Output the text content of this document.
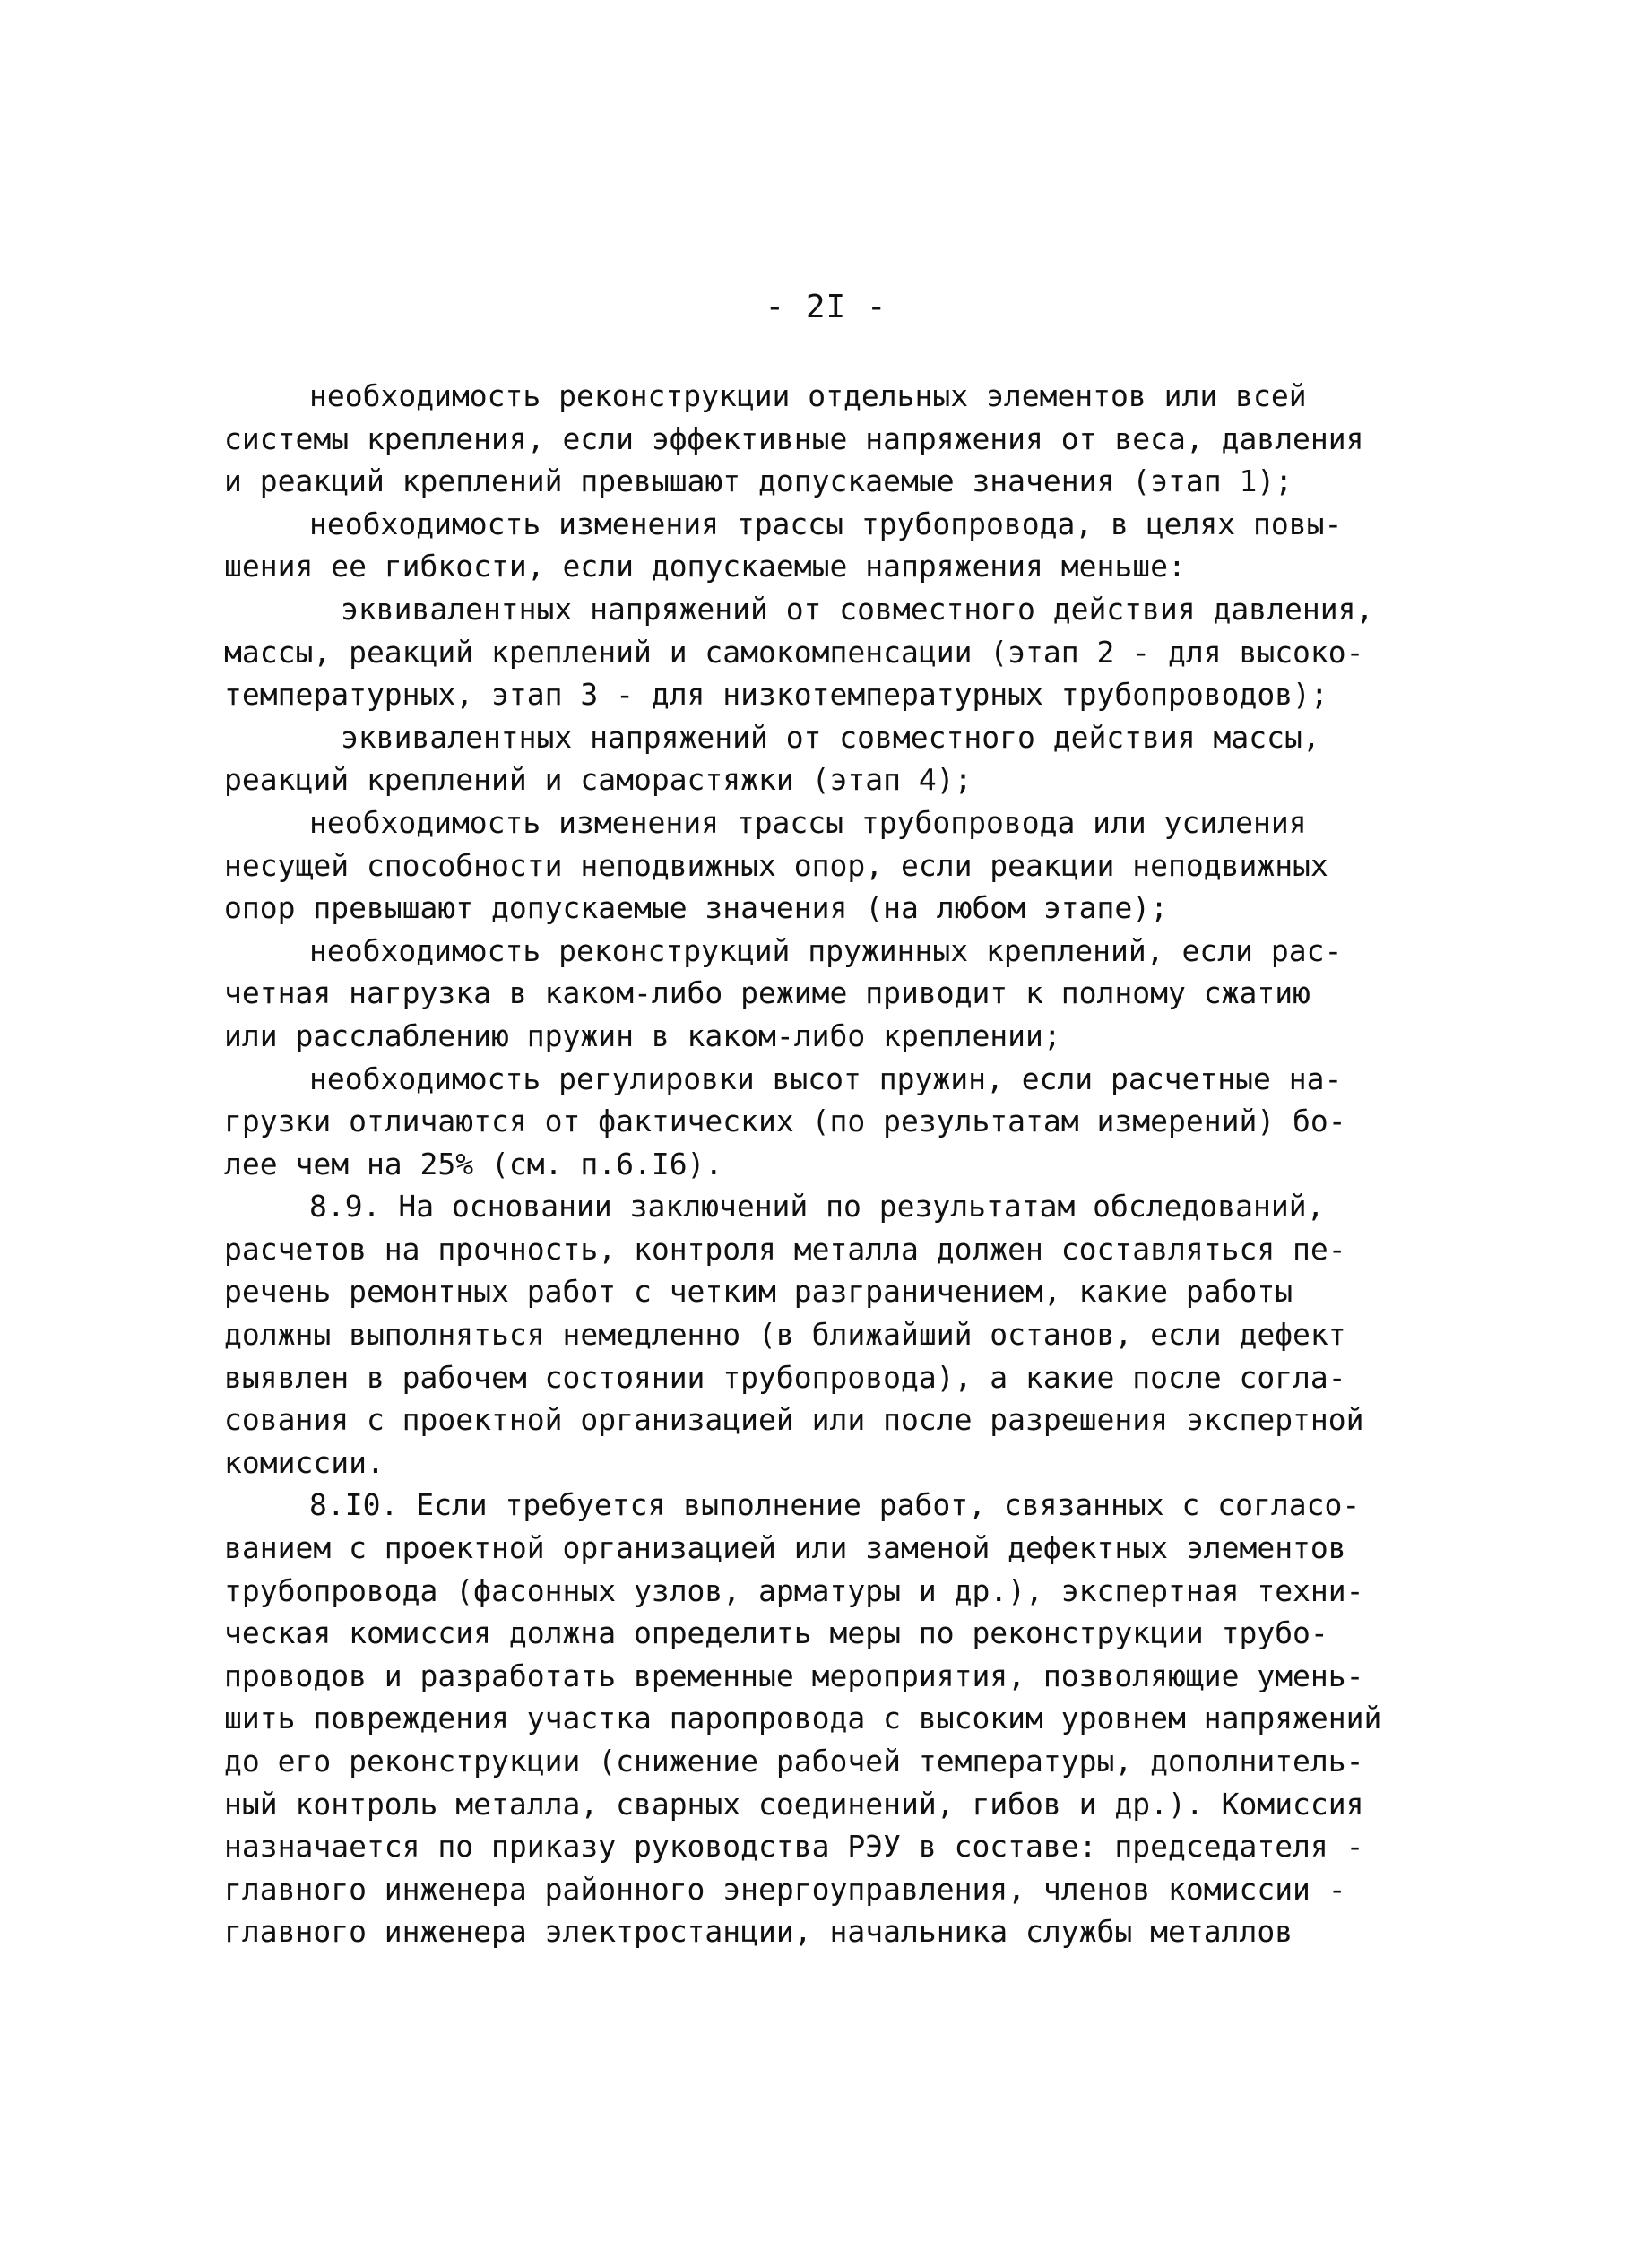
- 2I -
необходимость реконструкции отдельных элементов или всей
системы крепления, если эффективные напряжения от веса, давления
и реакций креплений превышают допускаемые значения (этап 1);
необходимость изменения трассы трубопровода, в целях повы-
шения ее гибкости, если допускаемые напряжения меньше:
эквивалентных напряжений от совместного действия давления,
массы, реакций креплений и самокомпенсации (этап 2 - для высоко-
температурных, этап 3 - для низкотемпературных трубопроводов);
эквивалентных напряжений от совместного действия массы,
реакций креплений и саморастяжки (этап 4);
необходимость изменения трассы трубопровода или усиления
несущей способности неподвижных опор, если реакции неподвижных
опор превышают допускаемые значения (на любом этапе);
необходимость реконструкций пружинных креплений, если рас-
четная нагрузка в каком-либо режиме приводит к полному сжатию
или расслаблению пружин в каком-либо креплении;
необходимость регулировки высот пружин, если расчетные на-
грузки отличаются от фактических (по результатам измерений) бо-
лее чем на 25% (см. п.6.I6).
8.9. На основании заключений по результатам обследований,
расчетов на прочность, контроля металла должен составляться пе-
речень ремонтных работ с четким разграничением, какие работы
должны выполняться немедленно (в ближайший останов, если дефект
выявлен в рабочем состоянии трубопровода), а какие после согла-
сования с проектной организацией или после разрешения экспертной
комиссии.
8.I0. Если требуется выполнение работ, связанных с согласо-
ванием с проектной организацией или заменой дефектных элементов
трубопровода (фасонных узлов, арматуры и др.), экспертная техни-
ческая комиссия должна определить меры по реконструкции трубо-
проводов и разработать временные мероприятия, позволяющие умень-
шить повреждения участка паропровода с высоким уровнем напряжений
до его реконструкции (снижение рабочей температуры, дополнитель-
ный контроль металла, сварных соединений, гибов и др.). Комиссия
назначается по приказу руководства РЭУ в составе: председателя -
главного инженера районного энергоуправления, членов комиссии -
главного инженера электростанции, начальника службы металлов
